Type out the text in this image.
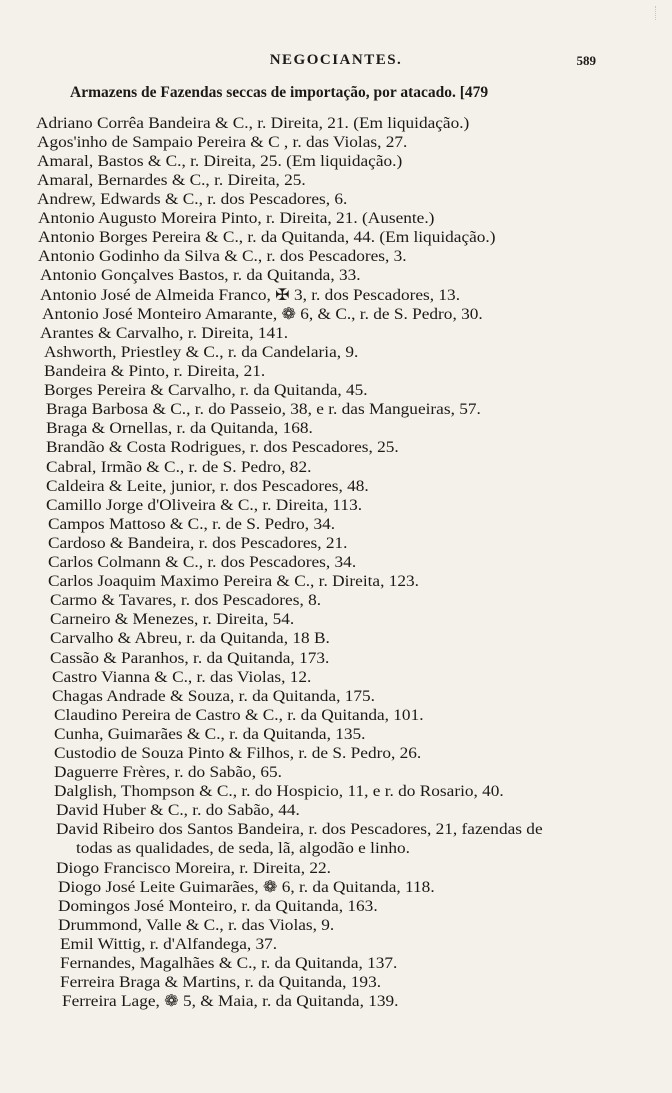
NEGOCIANTES.	589
Armazens de Fazendas seccas de importação, por atacado. [479
Adriano Corrêa Bandeira & C., r. Direita, 21. (Em liquidação.)
Agos'inho de Sampaio Pereira & C , r. das Violas, 27.
Amaral, Bastos & C., r. Direita, 25. (Em liquidação.)
Amaral, Bernardes & C., r. Direita, 25.
Andrew, Edwards & C., r. dos Pescadores, 6.
Antonio Augusto Moreira Pinto, r. Direita, 21. (Ausente.)
Antonio Borges Pereira & C., r. da Quitanda, 44. (Em liquidação.)
Antonio Godinho da Silva & C., r. dos Pescadores, 3.
Antonio Gonçalves Bastos, r. da Quitanda, 33.
Antonio José de Almeida Franco, ✠ 3, r. dos Pescadores, 13.
Antonio José Monteiro Amarante, ❁ 6, & C., r. de S. Pedro, 30.
Arantes & Carvalho, r. Direita, 141.
Ashworth, Priestley & C., r. da Candelaria, 9.
Bandeira & Pinto, r. Direita, 21.
Borges Pereira & Carvalho, r. da Quitanda, 45.
Braga Barbosa & C., r. do Passeio, 38, e r. das Mangueiras, 57.
Braga & Ornellas, r. da Quitanda, 168.
Brandão & Costa Rodrigues, r. dos Pescadores, 25.
Cabral, Irmão & C., r. de S. Pedro, 82.
Caldeira & Leite, junior, r. dos Pescadores, 48.
Camillo Jorge d'Oliveira & C., r. Direita, 113.
Campos Mattoso & C., r. de S. Pedro, 34.
Cardoso & Bandeira, r. dos Pescadores, 21.
Carlos Colmann & C., r. dos Pescadores, 34.
Carlos Joaquim Maximo Pereira & C., r. Direita, 123.
Carmo & Tavares, r. dos Pescadores, 8.
Carneiro & Menezes, r. Direita, 54.
Carvalho & Abreu, r. da Quitanda, 18 B.
Cassão & Paranhos, r. da Quitanda, 173.
Castro Vianna & C., r. das Violas, 12.
Chagas Andrade & Souza, r. da Quitanda, 175.
Claudino Pereira de Castro & C., r. da Quitanda, 101.
Cunha, Guimarães & C., r. da Quitanda, 135.
Custodio de Souza Pinto & Filhos, r. de S. Pedro, 26.
Daguerre Frères, r. do Sabão, 65.
Dalglish, Thompson & C., r. do Hospicio, 11, e r. do Rosario, 40.
David Huber & C., r. do Sabão, 44.
David Ribeiro dos Santos Bandeira, r. dos Pescadores, 21, fazendas de
todas as qualidades, de seda, lã, algodão e linho.
Diogo Francisco Moreira, r. Direita, 22.
Diogo José Leite Guimarães, ❁ 6, r. da Quitanda, 118.
Domingos José Monteiro, r. da Quitanda, 163.
Drummond, Valle & C., r. das Violas, 9.
Emil Wittig, r. d'Alfandega, 37.
Fernandes, Magalhães & C., r. da Quitanda, 137.
Ferreira Braga & Martins, r. da Quitanda, 193.
Ferreira Lage, ❁ 5, & Maia, r. da Quitanda, 139.
